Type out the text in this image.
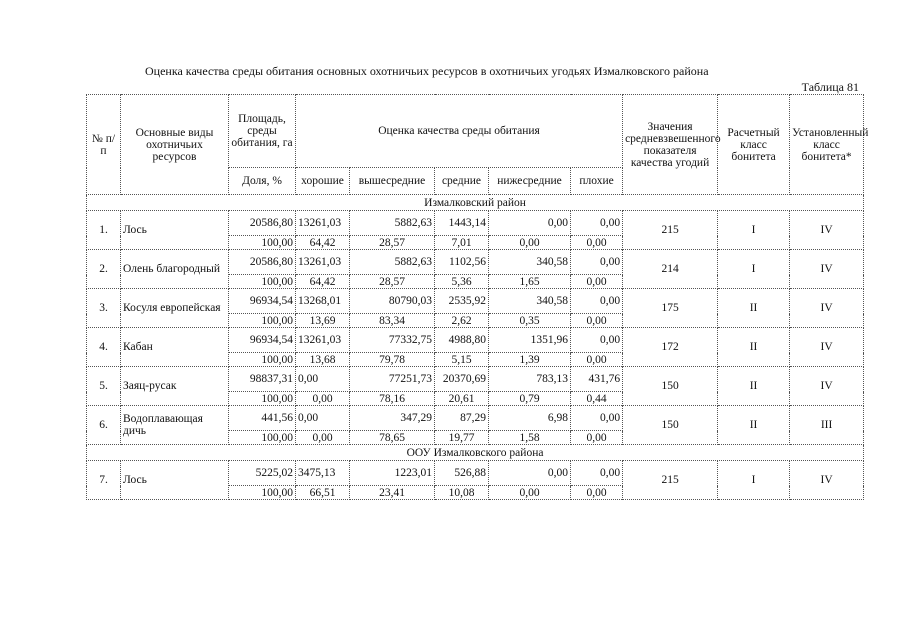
Оценка качества среды обитания основных охотничьих ресурсов в охотничьих угодьях Измалковского района
Таблица 81
№ п/п	Основные виды охотничьих ресурсов	Площадь, среды обитания, га	Оценка качества среды обитания					Значения средневзвешенного показателя качества угодий	Расчетный класс бонитета	Установленный класс бонитета*
		Доля, %	хорошие	вышесредние	средние	нижесредние	плохие			
Измалковский район										
1.	Лось	20586,80	13261,03	5882,63	1443,14	0,00	0,00	215	I	IV
		100,00	64,42	28,57	7,01	0,00	0,00			
2.	Олень благородный	20586,80	13261,03	5882,63	1102,56	340,58	0,00	214	I	IV
		100,00	64,42	28,57	5,36	1,65	0,00			
3.	Косуля европейская	96934,54	13268,01	80790,03	2535,92	340,58	0,00	175	II	IV
		100,00	13,69	83,34	2,62	0,35	0,00			
4.	Кабан	96934,54	13261,03	77332,75	4988,80	1351,96	0,00	172	II	IV
		100,00	13,68	79,78	5,15	1,39	0,00			
5.	Заяц-русак	98837,31	0,00	77251,73	20370,69	783,13	431,76	150	II	IV
		100,00	0,00	78,16	20,61	0,79	0,44			
6.	Водоплавающая дичь	441,56	0,00	347,29	87,29	6,98	0,00	150	II	III
		100,00	0,00	78,65	19,77	1,58	0,00			
ООУ Измалковского района										
7.	Лось	5225,02	3475,13	1223,01	526,88	0,00	0,00	215	I	IV
		100,00	66,51	23,41	10,08	0,00	0,00			
